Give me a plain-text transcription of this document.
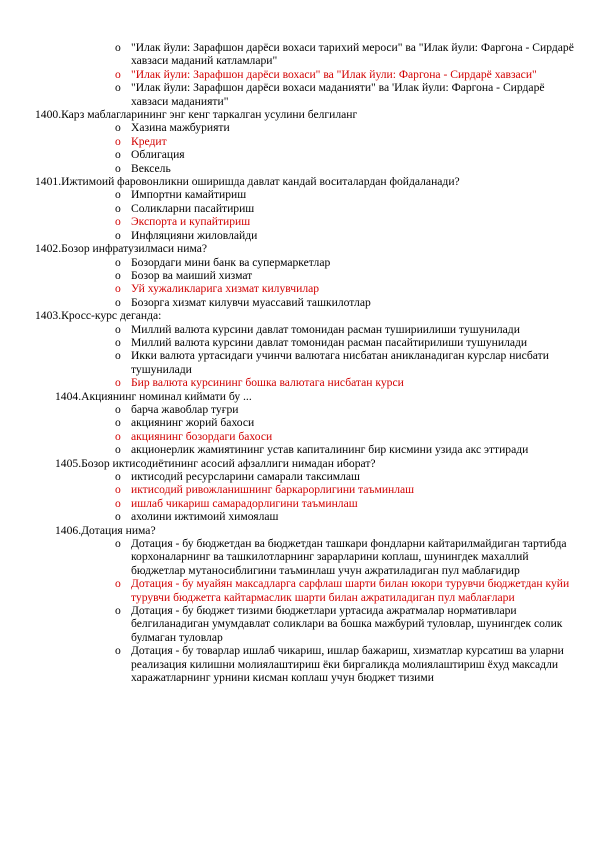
o "Илак йули: Зарафшон дарёси вохаси тарихий мероси" ва "Илак йули: Фаргона - Сирдарё хавзаси маданий катламлари"
o "Илак йули: Зарафшон дарёси вохаси" ва "Илак йули: Фаргона - Сирдарё хавзаси"
o "Илак йули: Зарафшон дарёси вохаси маданияти" ва 'Илак йули: Фаргона - Сирдарё хавзаси маданияти"
1400.Карз маблагларининг энг кенг таркалган усулини белгиланг
o Хазина мажбурияти
o Кредит
o Облигация
o Вексель
1401.Ижтимоий фаровонликни оширишда давлат кандай воситалардан фойдаланади?
o Импортни камайтириш
o Соликларни пасайтириш
o Экспорта и купайтириш
o Инфляцияни жиловлайди
1402.Бозор инфратузилмаси нима?
o Бозордаги мини банк ва супермаркетлар
o Бозор ва маиший хизмат
o Уй хужаликларига хизмат килувчилар
o Бозорга хизмат килувчи муассавий ташкилотлар
1403.Кросс-курс деганда:
o Миллий валюта курсини давлат томонидан расман тушириилиши тушунилади
o Миллий валюта курсини давлат томонидан расман пасайтирилиши тушунилади
o Икки валюта уртасидаги учинчи валютага нисбатан аникланадиган курслар нисбати тушунилади
o Бир валюта курсининг бошка валютага нисбатан курси
1404.Акциянинг номинал киймати бу ...
o барча жавоблар туғри
o акциянинг жорий бахоси
o акциянинг бозордаги бахоси
o акционерлик жамиятининг устав капиталининг бир кисмини узида акс эттиради
1405.Бозор иктисодиётининг асосий афзаллиги нимадан иборат?
o иктисодий ресурсларини самарали таксимлаш
o иктисодий ривожланишнинг баркарорлигини таъминлаш
o ишлаб чикариш самарадорлигини таъминлаш
o ахолини ижтимоий химоялаш
1406.Дотация нима?
o Дотация - бу бюджетдан ва бюджетдан ташкари фондларни кайтарилмайдиган тартибда корхоналарнинг ва ташкилотларнинг зарарларини коплаш, шунингдек махаллий бюджетлар мутаносиблигини таъминлаш учун ажратиладиган пул маблағидир
o Дотация - бу муайян максадларга сарфлаш шарти билан юкори турувчи бюджетдан куйи турувчи бюджетга кайтармаслик шарти билан ажратиладиган пул маблағлари
o Дотация - бу бюджет тизими бюджетлари уртасида ажратмалар нормативлари белгиланадиган умумдавлат соликлари ва бошка мажбурий туловлар, шунингдек солик булмаган туловлар
o Дотация - бу товарлар ишлаб чикариш, ишлар бажариш, хизматлар курсатиш ва уларни реализация килишни молиялаштириш ёки биргаликда молиялаштириш ёхуд максадли харажатларнинг урнини кисман коплаш учун бюджет тизими
